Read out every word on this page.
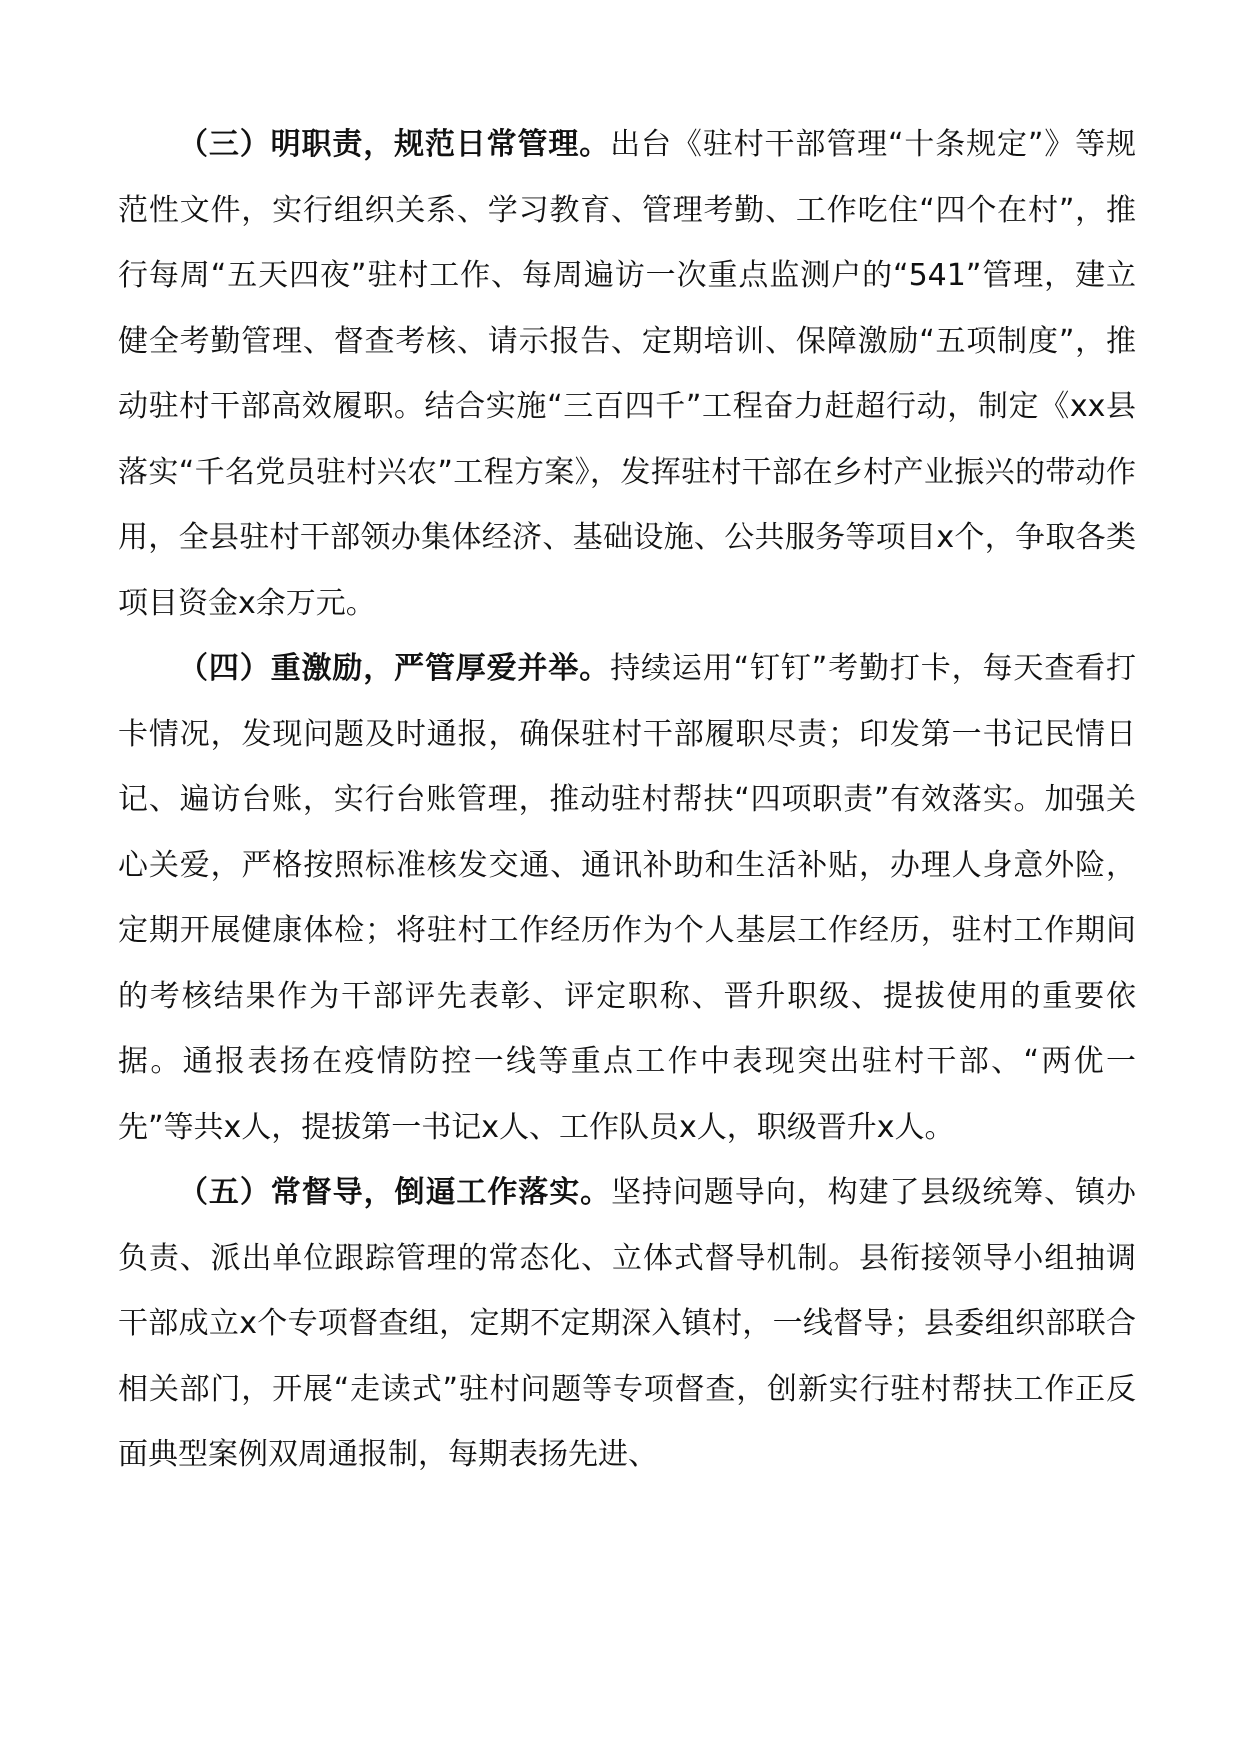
（三）明职责，规范日常管理。出台《驻村干部管理“十条规定”》等规范性文件，实行组织关系、学习教育、管理考勤、工作吃住“四个在村”，推行每周“五天四夜”驻村工作、每周遍访一次重点监测户的“541”管理，建立健全考勤管理、督查考核、请示报告、定期培训、保障激励“五项制度”，推动驻村干部高效履职。结合实施“三百四千”工程奋力赶超行动，制定《xx县落实“千名党员驻村兴农”工程方案》，发挥驻村干部在乡村产业振兴的带动作用，全县驻村干部领办集体经济、基础设施、公共服务等项目x个，争取各类项目资金x余万元。

（四）重激励，严管厚爱并举。持续运用“钉钉”考勤打卡，每天查看打卡情况，发现问题及时通报，确保驻村干部履职尽责；印发第一书记民情日记、遍访台账，实行台账管理，推动驻村帮扶“四项职责”有效落实。加强关心关爱，严格按照标准核发交通、通讯补助和生活补贴，办理人身意外险，定期开展健康体检；将驻村工作经历作为个人基层工作经历，驻村工作期间的考核结果作为干部评先表彰、评定职称、晋升职级、提拔使用的重要依据。通报表扬在疫情防控一线等重点工作中表现突出驻村干部、“两优一先”等共x人，提拔第一书记x人、工作队员x人，职级晋升x人。

（五）常督导，倒逼工作落实。坚持问题导向，构建了县级统筹、镇办负责、派出单位跟踪管理的常态化、立体式督导机制。县衔接领导小组抽调干部成立x个专项督查组，定期不定期深入镇村，一线督导；县委组织部联合相关部门，开展“走读式”驻村问题等专项督查，创新实行驻村帮扶工作正反面典型案例双周通报制，每期表扬先进、
